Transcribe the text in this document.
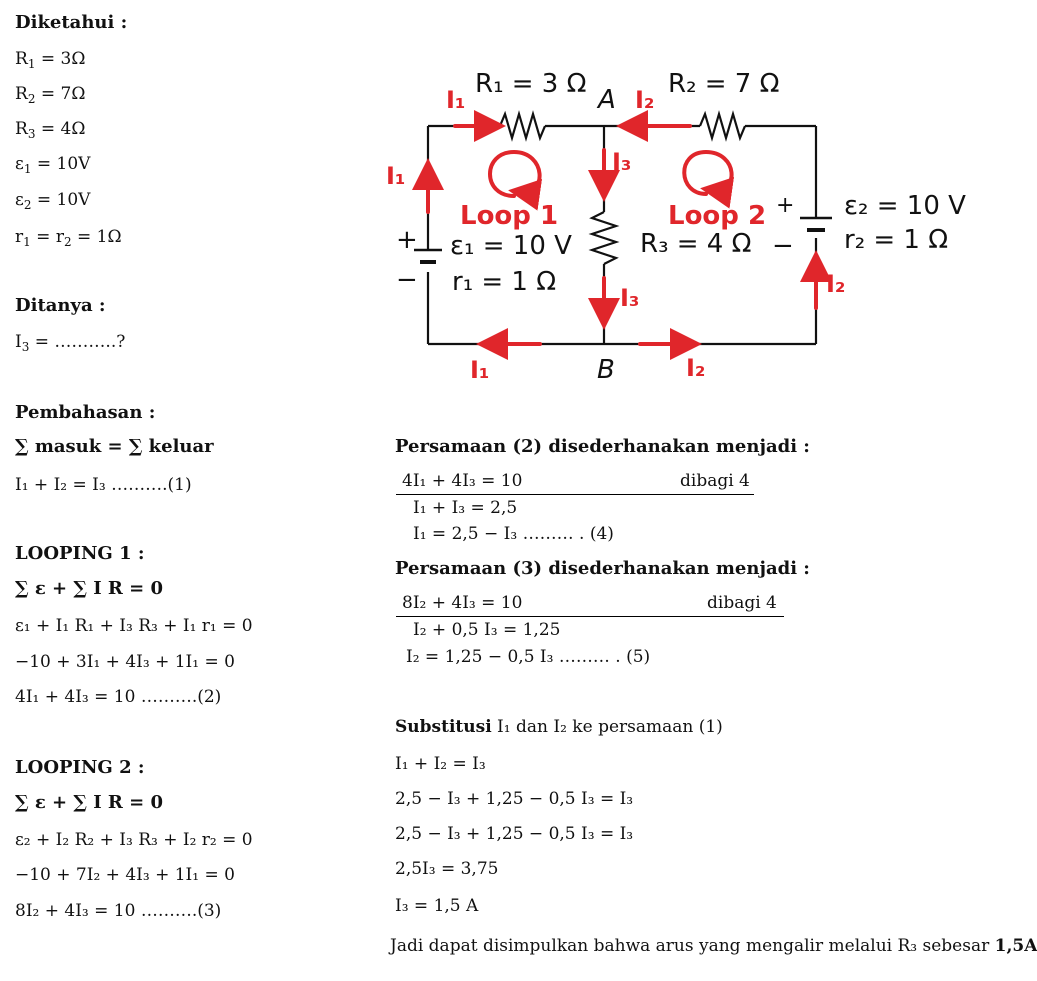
Diketahui :
$R_1 = 3\Omega$
$R_2 = 7\Omega$
$R_3 = 4\Omega$
$\varepsilon_1 = 10V$
$\varepsilon_2 = 10V$
$r_1 = r_2 = 1\Omega$
Ditanya :
$I_3$ = ………..?
Pembahasan :
∑ masuk = ∑ keluar
I₁ + I₂ = I₃ ……….(1)
LOOPING 1 :
∑ ε + ∑ I R = 0
ε₁ + I₁ R₁ + I₃ R₃ + I₁ r₁ = 0
−10 + 3I₁ + 4I₃ + 1I₁ = 0
4I₁ + 4I₃ = 10 ……….(2)
LOOPING 2 :
∑ ε + ∑ I R = 0
ε₂ + I₂ R₂ + I₃ R₃ + I₂ r₂ = 0
−10 + 7I₂ + 4I₃ + 1I₁ = 0
8I₂ + 4I₃ = 10 ……….(3)
Persamaan (2) disederhanakan menjadi :
4I₁ + 4I₃ = 10	dibagi 4
I₁ + I₃ = 2,5
I₁ = 2,5 − I₃ ……… . (4)
Persamaan (3) disederhanakan menjadi :
8I₂ + 4I₃ = 10	dibagi 4
I₂ + 0,5 I₃ = 1,25
I₂ = 1,25 − 0,5 I₃ ……… . (5)
Substitusi I₁ dan I₂ ke persamaan (1)
I₁ + I₂ = I₃
2,5 − I₃ + 1,25 − 0,5 I₃ = I₃
2,5 − I₃ + 1,25 − 0,5 I₃ = I₃
2,5I₃ = 3,75
I₃ = 1,5 A
Jadi dapat disimpulkan bahwa arus yang mengalir melalui R₃ sebesar 1,5A
R₁ = 3 Ω	R₂ = 7 Ω
A
B
R₃ = 4 Ω
ε₁ = 10 V
r₁ = 1 Ω
ε₂ = 10 V
r₂ = 1 Ω
+
−
+
−
I₁	I₂
I₁	I₃
I₃	I₂
I₁	I₂
Loop 1	Loop 2
